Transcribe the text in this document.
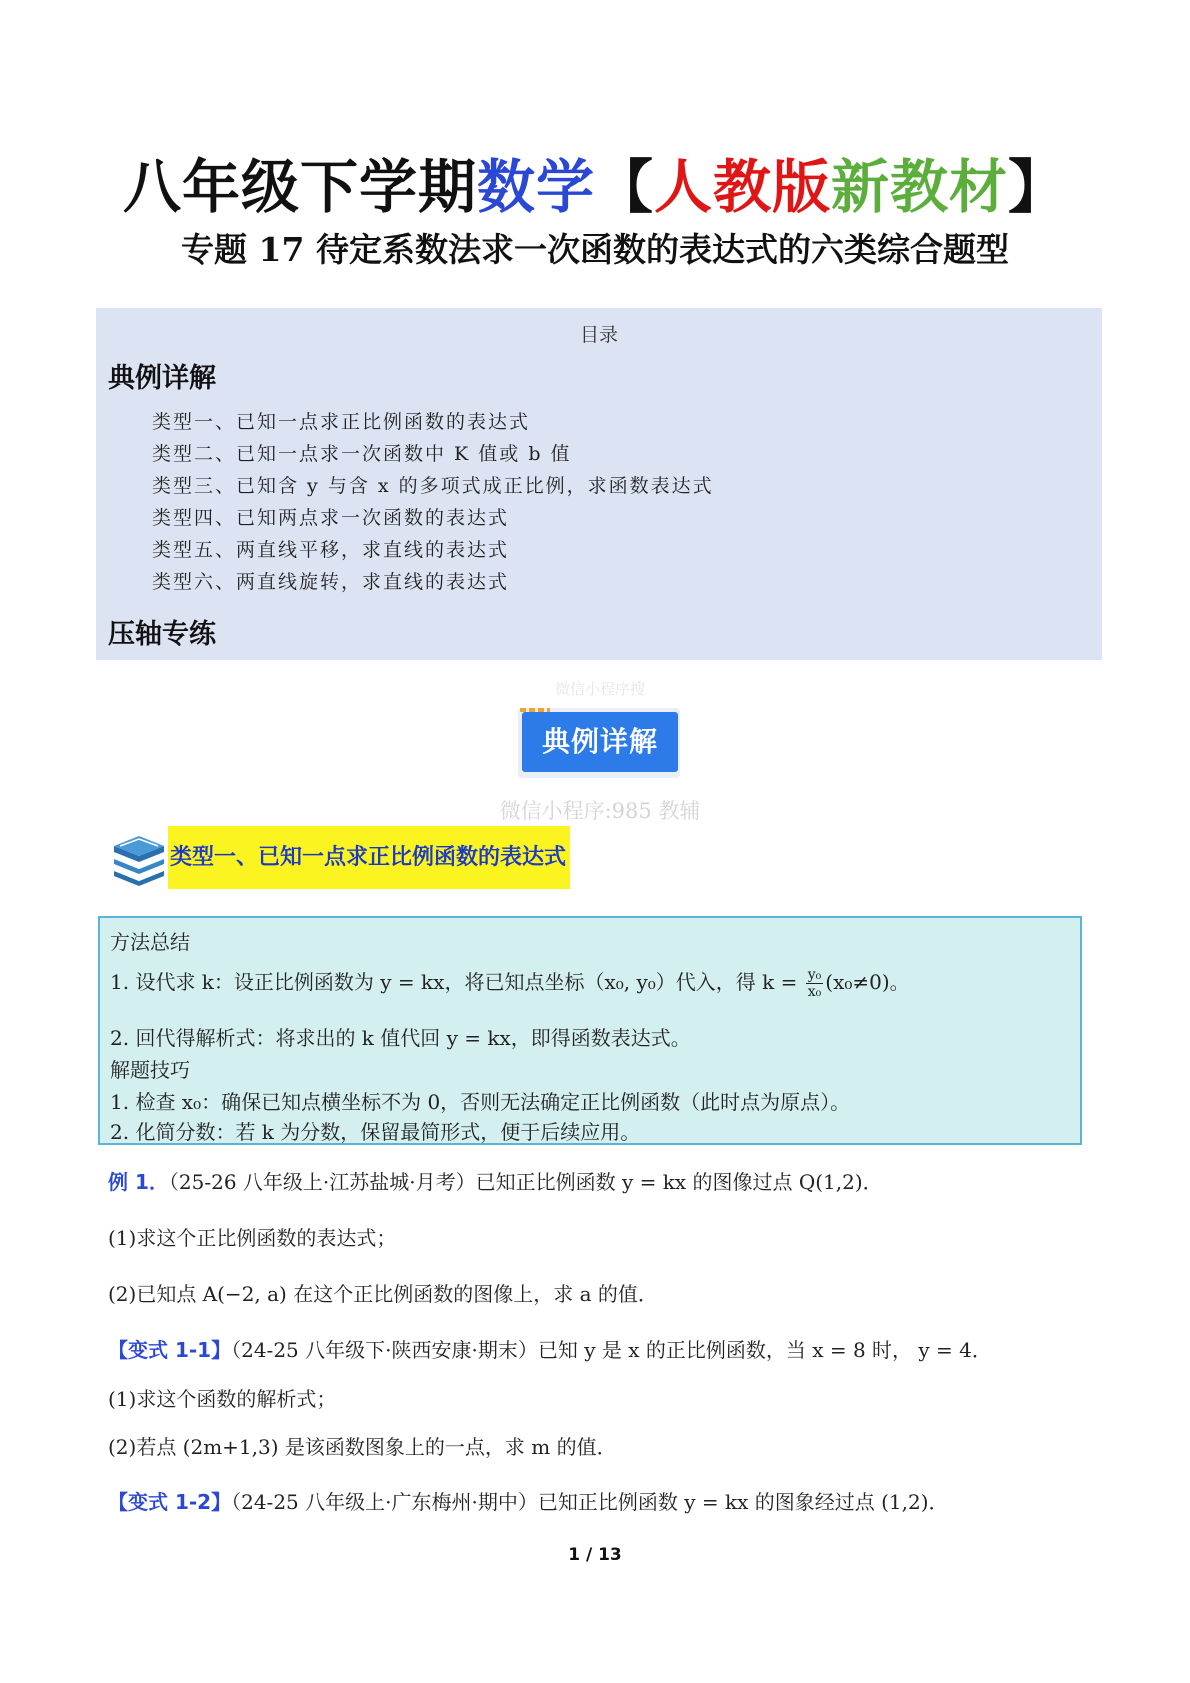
八年级下学期数学【人教版新教材】
专题 17 待定系数法求一次函数的表达式的六类综合题型
目录
典例详解
类型一、已知一点求正比例函数的表达式
类型二、已知一点求一次函数中 K 值或 b 值
类型三、已知含 y 与含 x 的多项式成正比例，求函数表达式
类型四、已知两点求一次函数的表达式
类型五、两直线平移，求直线的表达式
类型六、两直线旋转，求直线的表达式
压轴专练
微信小程序搜
典例详解
微信小程序:985 教辅
类型一、已知一点求正比例函数的表达式
方法总结
1. 设代求 k：设正比例函数为 y = kx，将已知点坐标（x₀, y₀）代入，得 $k = \frac{\text{y₀}}{\text{x₀}} (x_0\ne 0)$。
2. 回代得解析式：将求出的 k 值代回 y = kx，即得函数表达式。
解题技巧
1. 检查 x₀：确保已知点横坐标不为 0，否则无法确定正比例函数（此时点为原点）。
2. 化简分数：若 k 为分数，保留最简形式，便于后续应用。
例 1．（25-26 八年级上·江苏盐城·月考）已知正比例函数 y = kx 的图像过点 Q(1,2)．
(1)求这个正比例函数的表达式；
(2)已知点 A(−2, a) 在这个正比例函数的图像上，求 a 的值．
【变式 1-1】（24-25 八年级下·陕西安康·期末）已知 y 是 x 的正比例函数，当 x = 8 时， y = 4．
(1)求这个函数的解析式；
(2)若点 (2m+1,3) 是该函数图象上的一点，求 m 的值．
【变式 1-2】（24-25 八年级上·广东梅州·期中）已知正比例函数 y = kx 的图象经过点 (1,2)．
1 / 13
